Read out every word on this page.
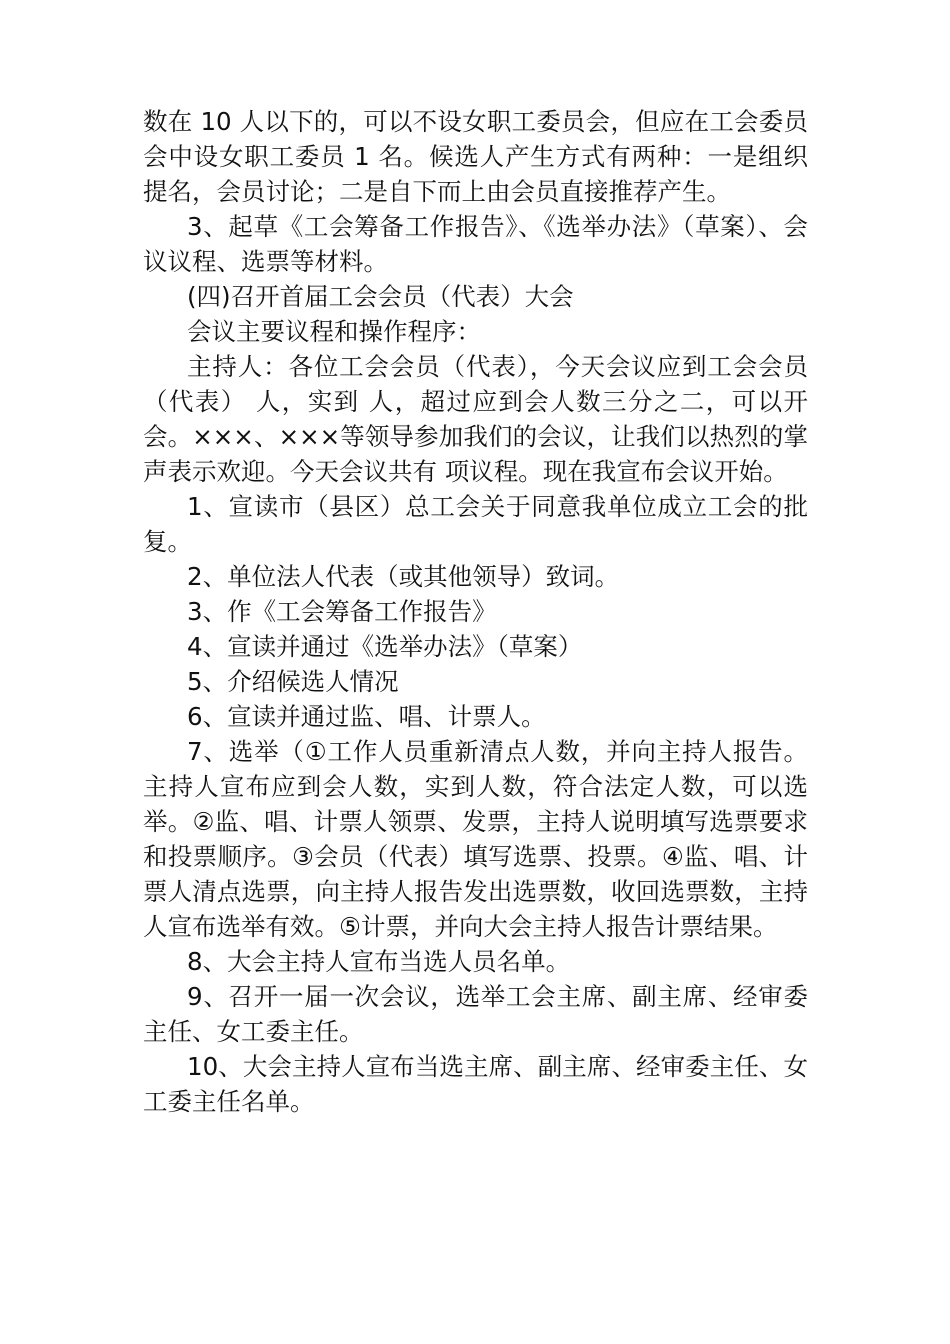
数在 10 人以下的，可以不设女职工委员会，但应在工会委员会中设女职工委员 1 名。候选人产生方式有两种：一是组织提名，会员讨论；二是自下而上由会员直接推荐产生。

3、起草《工会筹备工作报告》、《选举办法》（草案）、会议议程、选票等材料。

(四)召开首届工会会员（代表）大会

会议主要议程和操作程序：

主持人：各位工会会员（代表），今天会议应到工会会员（代表） 人，实到 人，超过应到会人数三分之二，可以开会。×××、×××等领导参加我们的会议，让我们以热烈的掌声表示欢迎。今天会议共有 项议程。现在我宣布会议开始。

1、宣读市（县区）总工会关于同意我单位成立工会的批复。

2、单位法人代表（或其他领导）致词。

3、作《工会筹备工作报告》

4、宣读并通过《选举办法》（草案）

5、介绍候选人情况

6、宣读并通过监、唱、计票人。

7、选举（①工作人员重新清点人数，并向主持人报告。主持人宣布应到会人数，实到人数，符合法定人数，可以选举。②监、唱、计票人领票、发票，主持人说明填写选票要求和投票顺序。③会员（代表）填写选票、投票。④监、唱、计票人清点选票，向主持人报告发出选票数，收回选票数，主持人宣布选举有效。⑤计票，并向大会主持人报告计票结果。

8、大会主持人宣布当选人员名单。

9、召开一届一次会议，选举工会主席、副主席、经审委主任、女工委主任。

10、大会主持人宣布当选主席、副主席、经审委主任、女工委主任名单。
